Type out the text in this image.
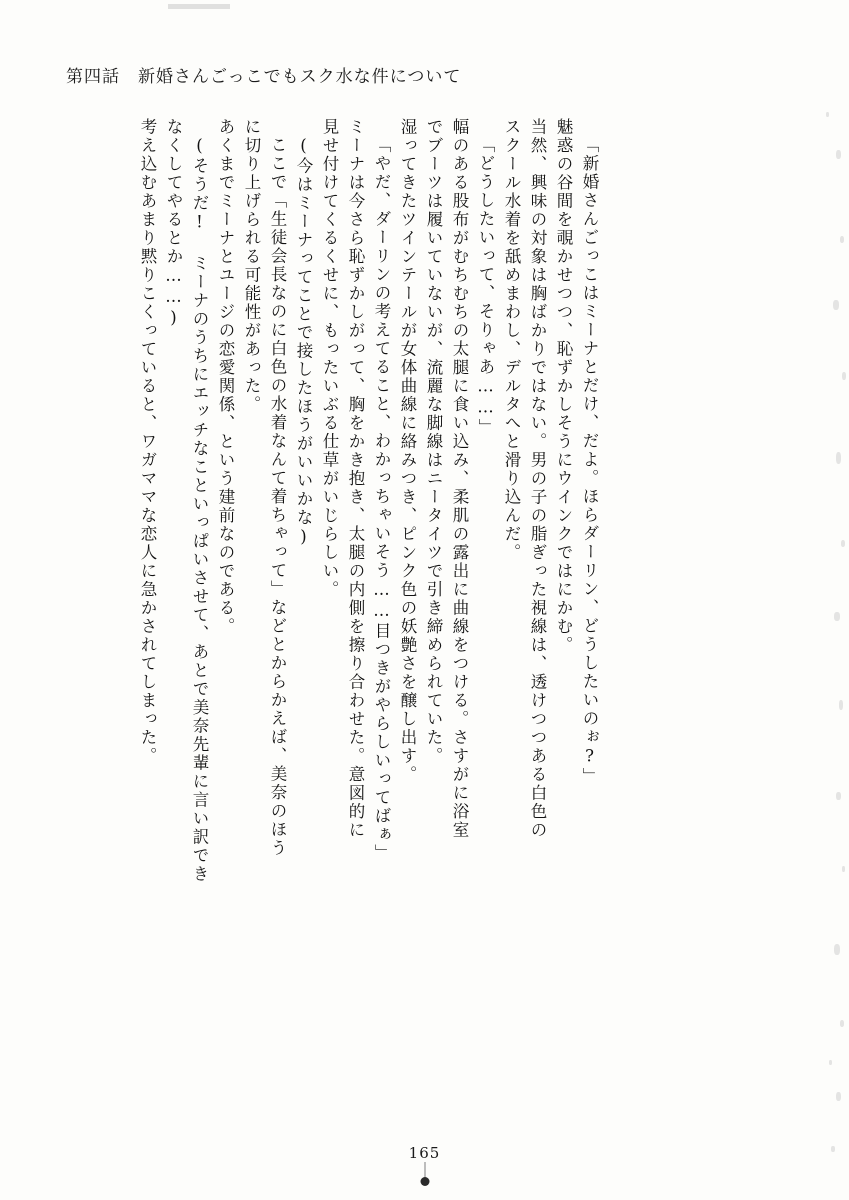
第四話 新婚さんごっこでもスク水な件について
考え込むあまり黙りこくっていると、ワガママな恋人に急かされてしまった。 なくしてやるとか……) (そうだ! ミーナのうちにエッチなこといっぱいさせて、あとで美奈先輩に言い訳でき あくまでミーナとユージの恋愛関係、という建前なのである。 に切り上げられる可能性があった。 ここで「生徒会長なのに白色の水着なんて着ちゃって」などとからかえば、美奈のほう (今はミーナってことで接したほうがいいかな) 見せ付けてくるくせに、もったいぶる仕草がいじらしい。 ミーナは今さら恥ずかしがって、胸をかき抱き、太腿の内側を擦り合わせた。意図的に 「やだ、ダーリンの考えてること、わかっちゃいそう……目つきがやらしいってばぁ」 湿ってきたツインテールが女体曲線に絡みつき、ピンク色の妖艶さを醸し出す。 でブーツは履いていないが、流麗な脚線はニータイツで引き締められていた。 幅のある股布がむちむちの太腿に食い込み、柔肌の露出に曲線をつける。さすがに浴室 「どうしたいって、そりゃあ……」 スクール水着を舐めまわし、デルタへと滑り込んだ。 当然、興味の対象は胸ばかりではない。男の子の脂ぎった視線は、透けつつある白色の 魅惑の谷間を覗かせつつ、恥ずかしそうにウインクではにかむ。 「新婚さんごっこはミーナとだけ、だよ。ほらダーリン、どうしたいのぉ?」
165
